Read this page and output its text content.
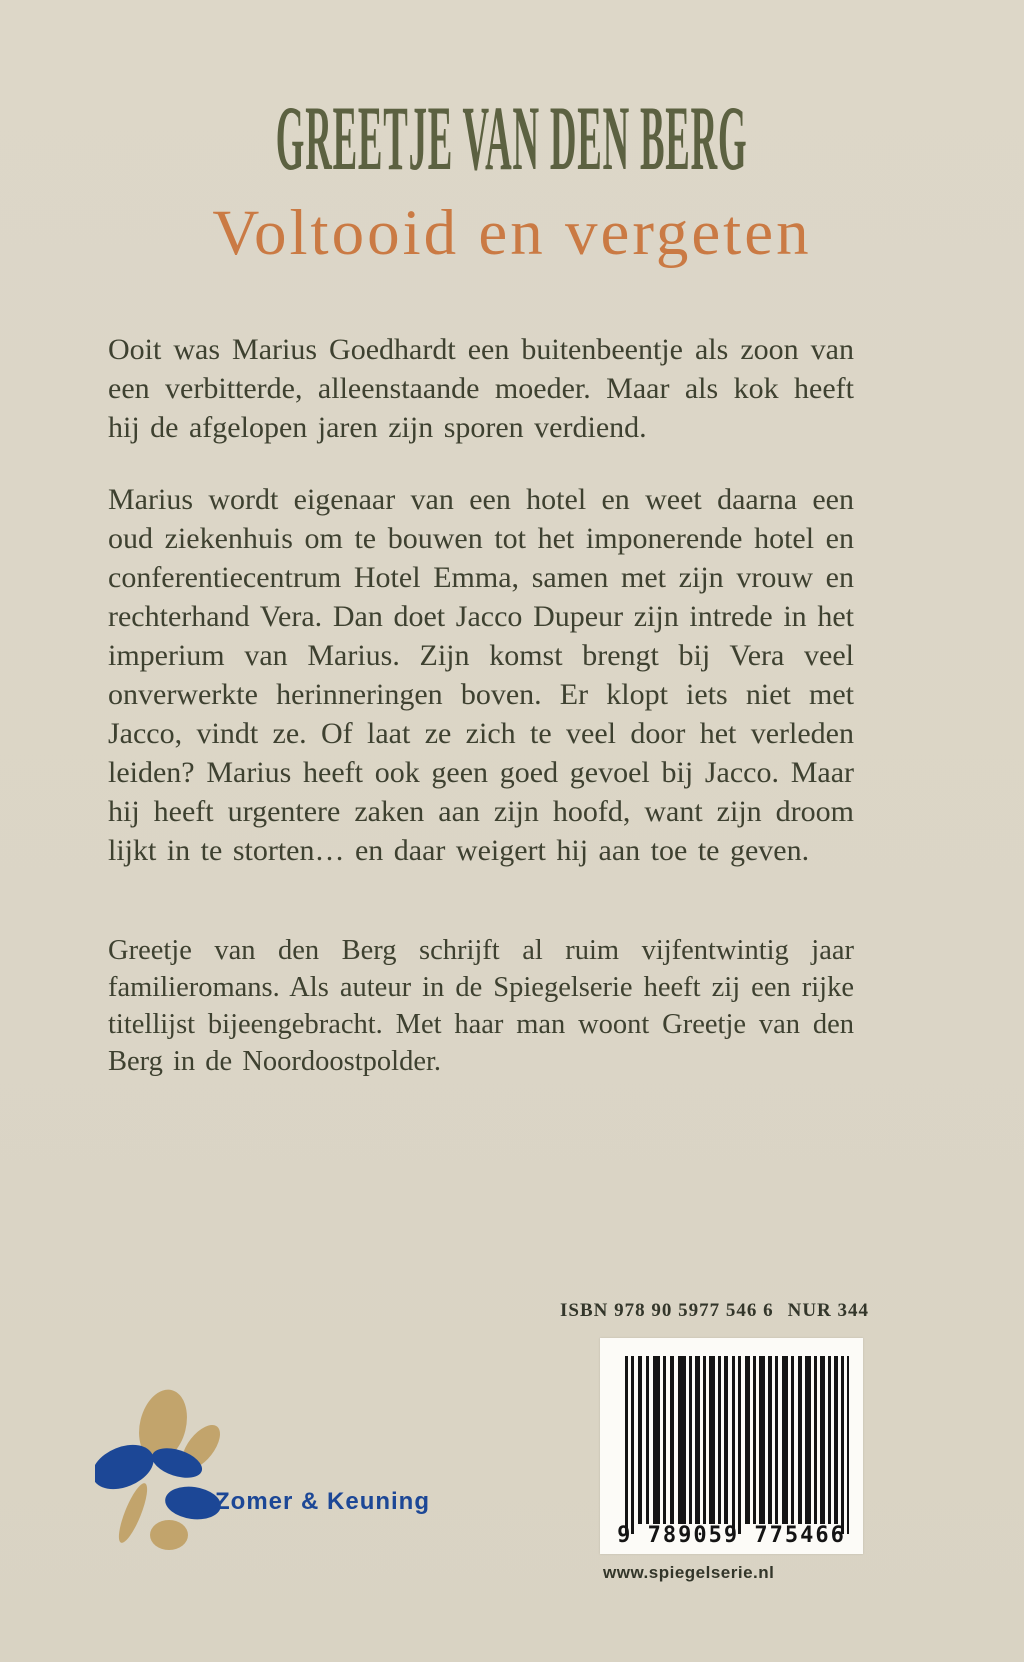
GREETJE VAN DEN BERG
Voltooid en vergeten

Ooit was Marius Goedhardt een buitenbeentje als zoon van een verbitterde, alleenstaande moeder. Maar als kok heeft hij de afgelopen jaren zijn sporen verdiend.

Marius wordt eigenaar van een hotel en weet daarna een oud ziekenhuis om te bouwen tot het imponerende hotel en conferentiecentrum Hotel Emma, samen met zijn vrouw en rechterhand Vera. Dan doet Jacco Dupeur zijn intrede in het imperium van Marius. Zijn komst brengt bij Vera veel onverwerkte herinneringen boven. Er klopt iets niet met Jacco, vindt ze. Of laat ze zich te veel door het verleden leiden? Marius heeft ook geen goed gevoel bij Jacco. Maar hij heeft urgentere zaken aan zijn hoofd, want zijn droom lijkt in te storten… en daar weigert hij aan toe te geven.

Greetje van den Berg schrijft al ruim vijfentwintig jaar familieromans. Als auteur in de Spiegelserie heeft zij een rijke titellijst bijeengebracht. Met haar man woont Greetje van den Berg in de Noordoostpolder.

ISBN 978 90 5977 546 6 NUR 344
9 789059 775466
www.spiegelserie.nl
Zomer & Keuning
